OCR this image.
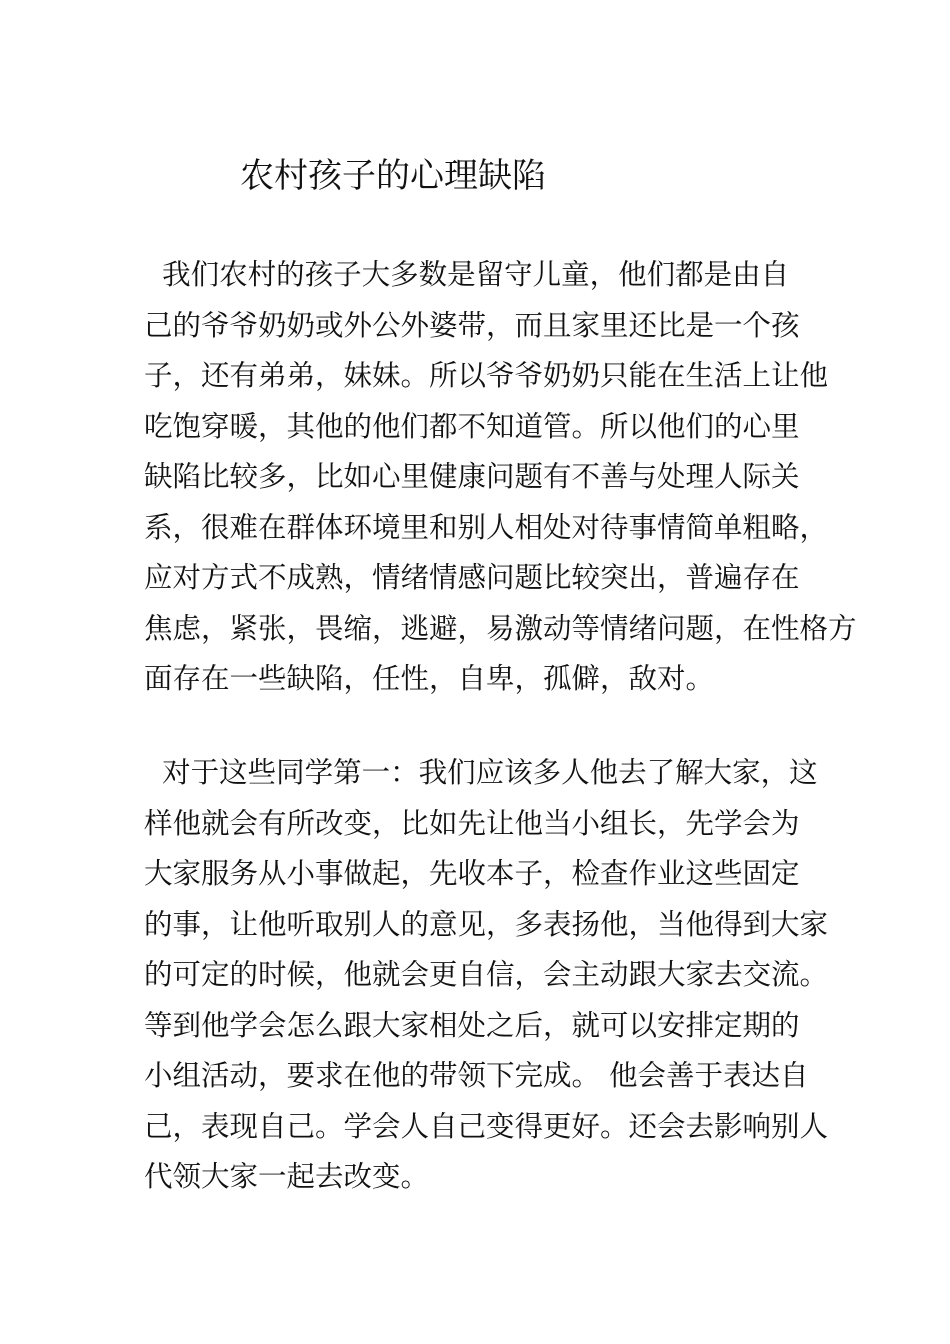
农村孩子的心理缺陷
我们农村的孩子大多数是留守儿童，他们都是由自
己的爷爷奶奶或外公外婆带，而且家里还比是一个孩
子，还有弟弟，妹妹。所以爷爷奶奶只能在生活上让他
吃饱穿暖，其他的他们都不知道管。所以他们的心里
缺陷比较多，比如心里健康问题有不善与处理人际关
系，很难在群体环境里和别人相处对待事情简单粗略，
应对方式不成熟，情绪情感问题比较突出，普遍存在
焦虑，紧张，畏缩，逃避，易激动等情绪问题，在性格方
面存在一些缺陷，任性，自卑，孤僻，敌对。
对于这些同学第一：我们应该多人他去了解大家，这
样他就会有所改变，比如先让他当小组长，先学会为
大家服务从小事做起，先收本子，检查作业这些固定
的事，让他听取别人的意见，多表扬他，当他得到大家
的可定的时候，他就会更自信，会主动跟大家去交流。
等到他学会怎么跟大家相处之后，就可以安排定期的
小组活动，要求在他的带领下完成。 他会善于表达自
己，表现自己。学会人自己变得更好。还会去影响别人
代领大家一起去改变。
